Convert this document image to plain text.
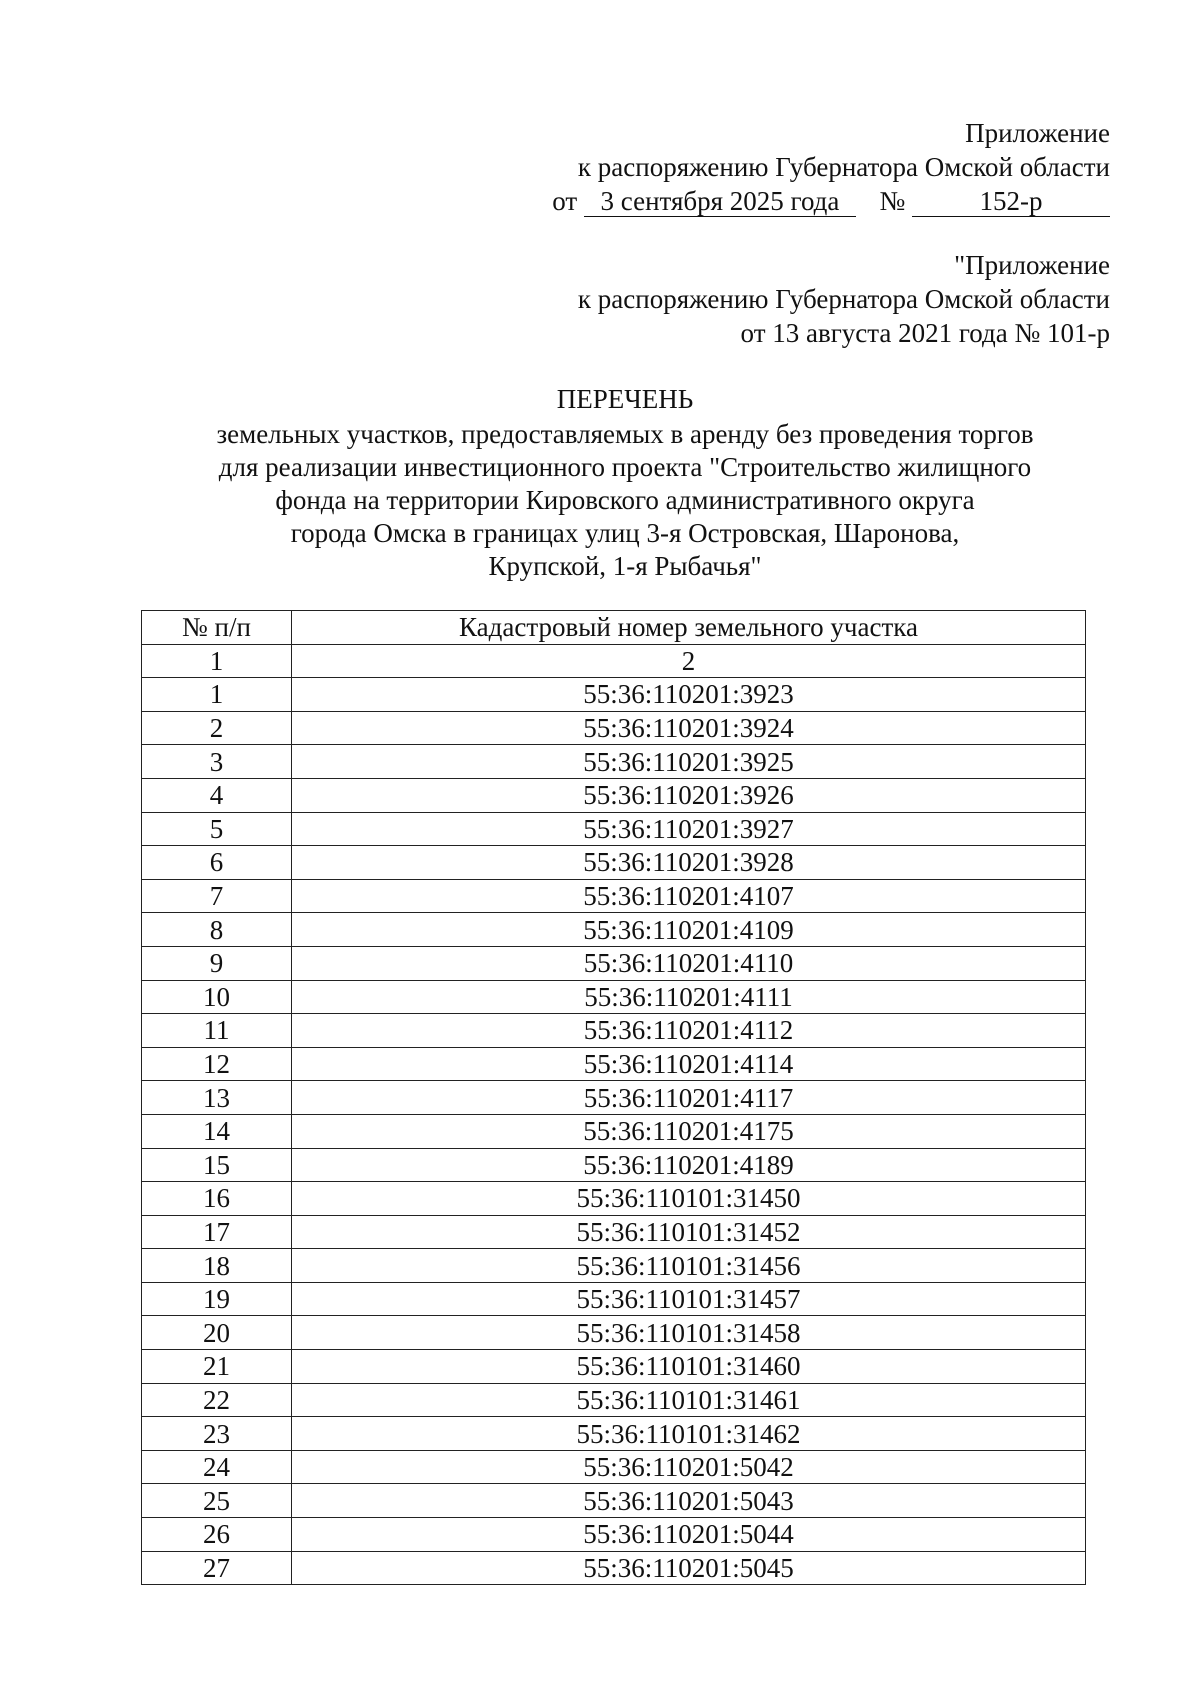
Приложение
к распоряжению Губернатора Омской области
от 3 сентября 2025 года №	152-р
"Приложение
к распоряжению Губернатора Омской области
от 13 августа 2021 года № 101-р
ПЕРЕЧЕНЬ
земельных участков, предоставляемых в аренду без проведения торгов
для реализации инвестиционного проекта "Строительство жилищного
фонда на территории Кировского административного округа
города Омска в границах улиц 3-я Островская, Шаронова,
Крупской, 1-я Рыбачья"
№ п/п	Кадастровый номер земельного участка
1	2
1	55:36:110201:3923
2	55:36:110201:3924
3	55:36:110201:3925
4	55:36:110201:3926
5	55:36:110201:3927
6	55:36:110201:3928
7	55:36:110201:4107
8	55:36:110201:4109
9	55:36:110201:4110
10	55:36:110201:4111
11	55:36:110201:4112
12	55:36:110201:4114
13	55:36:110201:4117
14	55:36:110201:4175
15	55:36:110201:4189
16	55:36:110101:31450
17	55:36:110101:31452
18	55:36:110101:31456
19	55:36:110101:31457
20	55:36:110101:31458
21	55:36:110101:31460
22	55:36:110101:31461
23	55:36:110101:31462
24	55:36:110201:5042
25	55:36:110201:5043
26	55:36:110201:5044
27	55:36:110201:5045
